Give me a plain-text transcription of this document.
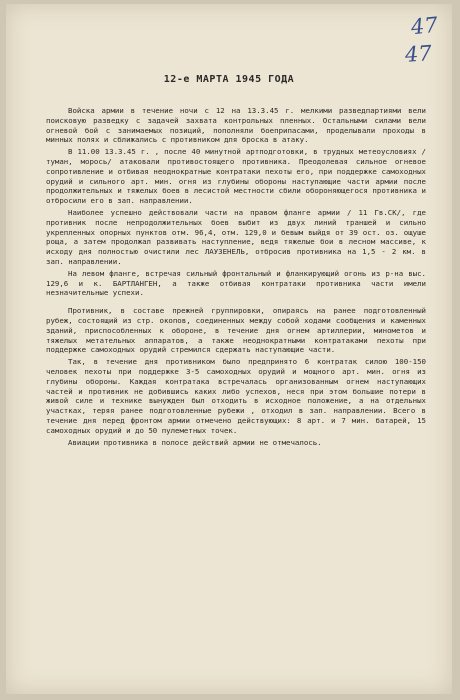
47
47
12-е МАРТА 1945 ГОДА

Войска армии в течение ночи с 12 на 13.3.45 г. мелкими разведпартиями вели поисковую разведку с задачей захвата контрольных пленных. Остальными силами вели огневой бой с занимаемых позиций, пополняли боеприпасами, проделывали проходы в минных полях и сближались с противником для броска в атаку.

В 11.00 13.3.45 г. , после 40 минутной артподготовки, в трудных метеоусловиях / туман, морось/ атаковали противостоящего противника. Преодолевая сильное огневое сопротивление и отбивая неоднократные контратаки пехоты его, при поддержке самоходных орудий и сильного арт. мин. огня из глубины обороны наступающие части армии после продолжительных и тяжелых боев в лесистой местности сбили обороняющегося противника и отбросили его в зап. направлении.

Наиболее успешно действовали части на правом фланге армии / 11 Гв.СК/, где противник после непродолжительных боев выбит из двух линий траншей и сильно укрепленных опорных пунктов отм. 96,4, отм. 129,0 и бевым выйдя от 39 ост. оз. ощуше роща, а затем продолжал развивать наступление, ведя тяжелые бои в лесном массиве, к исходу дня полностью очистили лес ЛАУЗЕНЕЛЬ, отбросив противника на 1,5 - 2 км. в зап. направлении.

На левом фланге, встречая сильный фронтальный и фланкирующий огонь из р-на выс. 129,6 и к. БАРТЛАНГЕН, а также отбивая контратаки противника части имели незначительные успехи.

Противник, в составе прежней группировки, опираясь на ранее подготовленный рубеж, состоящий из стр. окопов, соединенных между собой ходами сообщения и каменных зданий, приспособленных к обороне, в течение дня огнем артиллерии, минометов и тяжелых метательных аппаратов, а также неоднократными контратаками пехоты при поддержке самоходных орудий стремился сдержать наступающие части.

Так, в течение дня противником было предпринято 6 контратак силою 100-150 человек пехоты при поддержке 3-5 самоходных орудий и мощного арт. мин. огня из глубины обороны. Каждая контратака встречалась организованным огнем наступающих частей и противник не добившись каких либо успехов, неся при этом большие потери в живой силе и технике вынужден был отходить в исходное положение, а на отдельных участках, теряя ранее подготовленные рубежи , отходил в зап. направлении. Всего в течение дня перед фронтом армии отмечено действующих: 8 арт. и 7 мин. батарей, 15 самоходных орудий и до 50 пулеметных точек.

Авиации противника в полосе действий армии не отмечалось.
